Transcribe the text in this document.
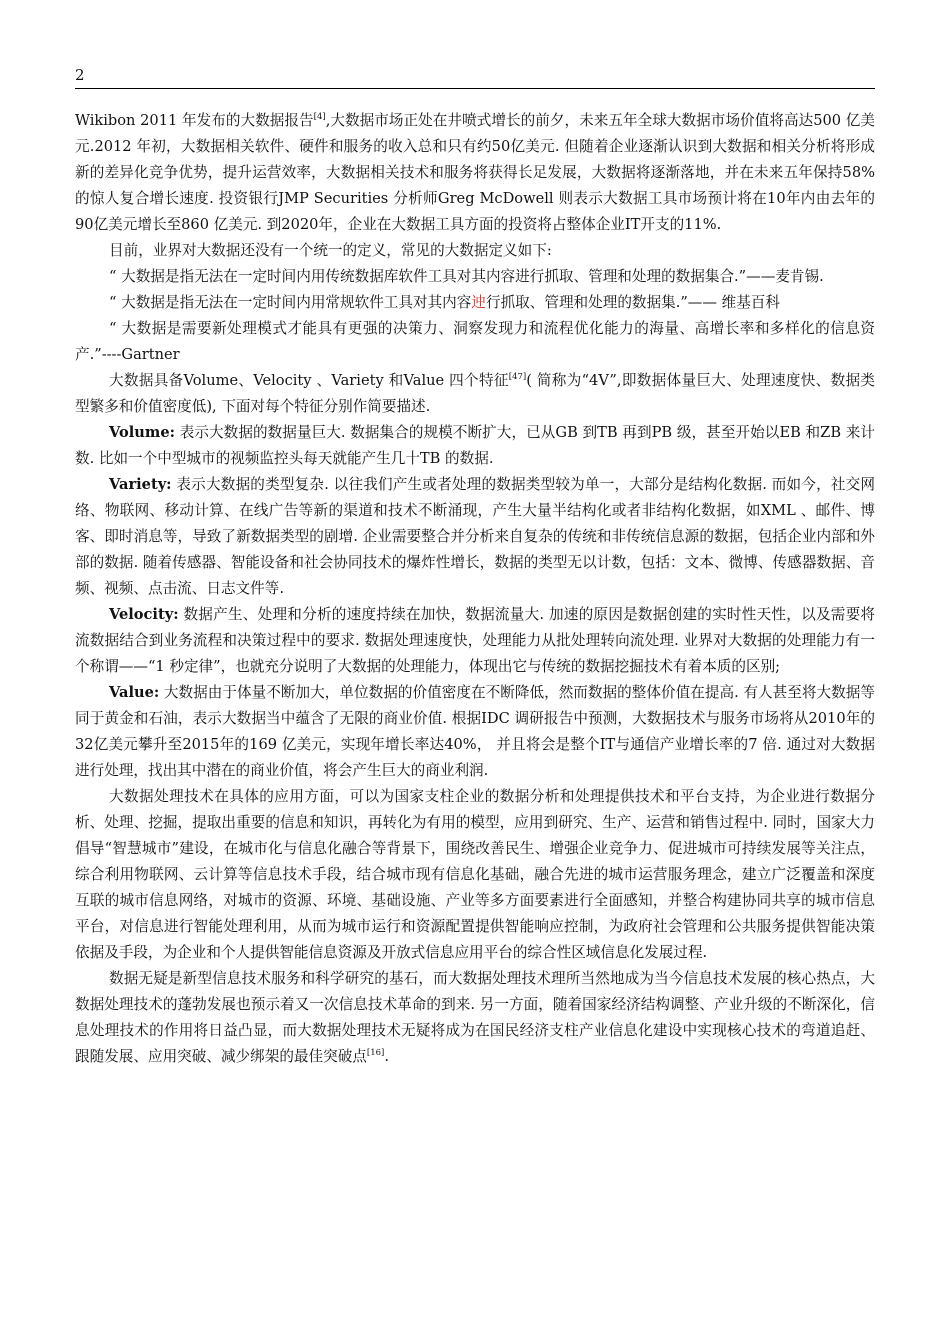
2

Wikibon 2011 年发布的大数据报告[4],大数据市场正处在井喷式增长的前夕，未来五年全球大数据市场价值将高达500 亿美元.2012 年初，大数据相关软件、硬件和服务的收入总和只有约50亿美元. 但随着企业逐渐认识到大数据和相关分析将形成新的差异化竞争优势，提升运营效率，大数据相关技术和服务将获得长足发展，大数据将逐渐落地，并在未来五年保持58% 的惊人复合增长速度. 投资银行JMP Securities 分析师Greg McDowell 则表示大数据工具市场预计将在10年内由去年的90亿美元增长至860 亿美元. 到2020年，企业在大数据工具方面的投资将占整体企业IT开支的11%.

目前，业界对大数据还没有一个统一的定义，常见的大数据定义如下:

“ 大数据是指无法在一定时间内用传统数据库软件工具对其内容进行抓取、管理和处理的数据集合.”——麦肯锡.

“ 大数据是指无法在一定时间内用常规软件工具对其内容迚行抓取、管理和处理的数据集.”—— 维基百科

“ 大数据是需要新处理模式才能具有更强的决策力、洞察发现力和流程优化能力的海量、高增长率和多样化的信息资产.”----Gartner

大数据具备Volume、Velocity 、Variety 和Value 四个特征[47]( 简称为“4V”,即数据体量巨大、处理速度快、数据类型繁多和价值密度低), 下面对每个特征分别作简要描述.

Volume: 表示大数据的数据量巨大. 数据集合的规模不断扩大，已从GB 到TB 再到PB 级，甚至开始以EB 和ZB 来计数. 比如一个中型城市的视频监控头每天就能产生几十TB 的数据.

Variety: 表示大数据的类型复杂. 以往我们产生或者处理的数据类型较为单一，大部分是结构化数据. 而如今，社交网络、物联网、移动计算、在线广告等新的渠道和技术不断涌现，产生大量半结构化或者非结构化数据，如XML 、邮件、博客、即时消息等，导致了新数据类型的剧增. 企业需要整合并分析来自复杂的传统和非传统信息源的数据，包括企业内部和外部的数据. 随着传感器、智能设备和社会协同技术的爆炸性增长，数据的类型无以计数，包括：文本、微博、传感器数据、音频、视频、点击流、日志文件等.

Velocity: 数据产生、处理和分析的速度持续在加快，数据流量大. 加速的原因是数据创建的实时性天性，以及需要将流数据结合到业务流程和决策过程中的要求. 数据处理速度快，处理能力从批处理转向流处理. 业界对大数据的处理能力有一个称谓——“1 秒定律”，也就充分说明了大数据的处理能力，体现出它与传统的数据挖掘技术有着本质的区别;

Value: 大数据由于体量不断加大，单位数据的价值密度在不断降低，然而数据的整体价值在提高. 有人甚至将大数据等同于黄金和石油，表示大数据当中蕴含了无限的商业价值. 根据IDC 调研报告中预测，大数据技术与服务市场将从2010年的32亿美元攀升至2015年的169 亿美元，实现年增长率达40%， 并且将会是整个IT与通信产业增长率的7 倍. 通过对大数据进行处理，找出其中潜在的商业价值，将会产生巨大的商业利润.

大数据处理技术在具体的应用方面，可以为国家支柱企业的数据分析和处理提供技术和平台支持，为企业进行数据分析、处理、挖掘，提取出重要的信息和知识，再转化为有用的模型，应用到研究、生产、运营和销售过程中. 同时，国家大力倡导“智慧城市”建设，在城市化与信息化融合等背景下，围绕改善民生、增强企业竞争力、促进城市可持续发展等关注点，综合利用物联网、云计算等信息技术手段，结合城市现有信息化基础，融合先进的城市运营服务理念，建立广泛覆盖和深度互联的城市信息网络，对城市的资源、环境、基础设施、产业等多方面要素进行全面感知，并整合构建协同共享的城市信息平台，对信息进行智能处理利用，从而为城市运行和资源配置提供智能响应控制，为政府社会管理和公共服务提供智能决策依据及手段，为企业和个人提供智能信息资源及开放式信息应用平台的综合性区域信息化发展过程.

数据无疑是新型信息技术服务和科学研究的基石，而大数据处理技术理所当然地成为当今信息技术发展的核心热点，大数据处理技术的蓬勃发展也预示着又一次信息技术革命的到来. 另一方面，随着国家经济结构调整、产业升级的不断深化，信息处理技术的作用将日益凸显，而大数据处理技术无疑将成为在国民经济支柱产业信息化建设中实现核心技术的弯道追赶、跟随发展、应用突破、减少绑架的最佳突破点[16].
